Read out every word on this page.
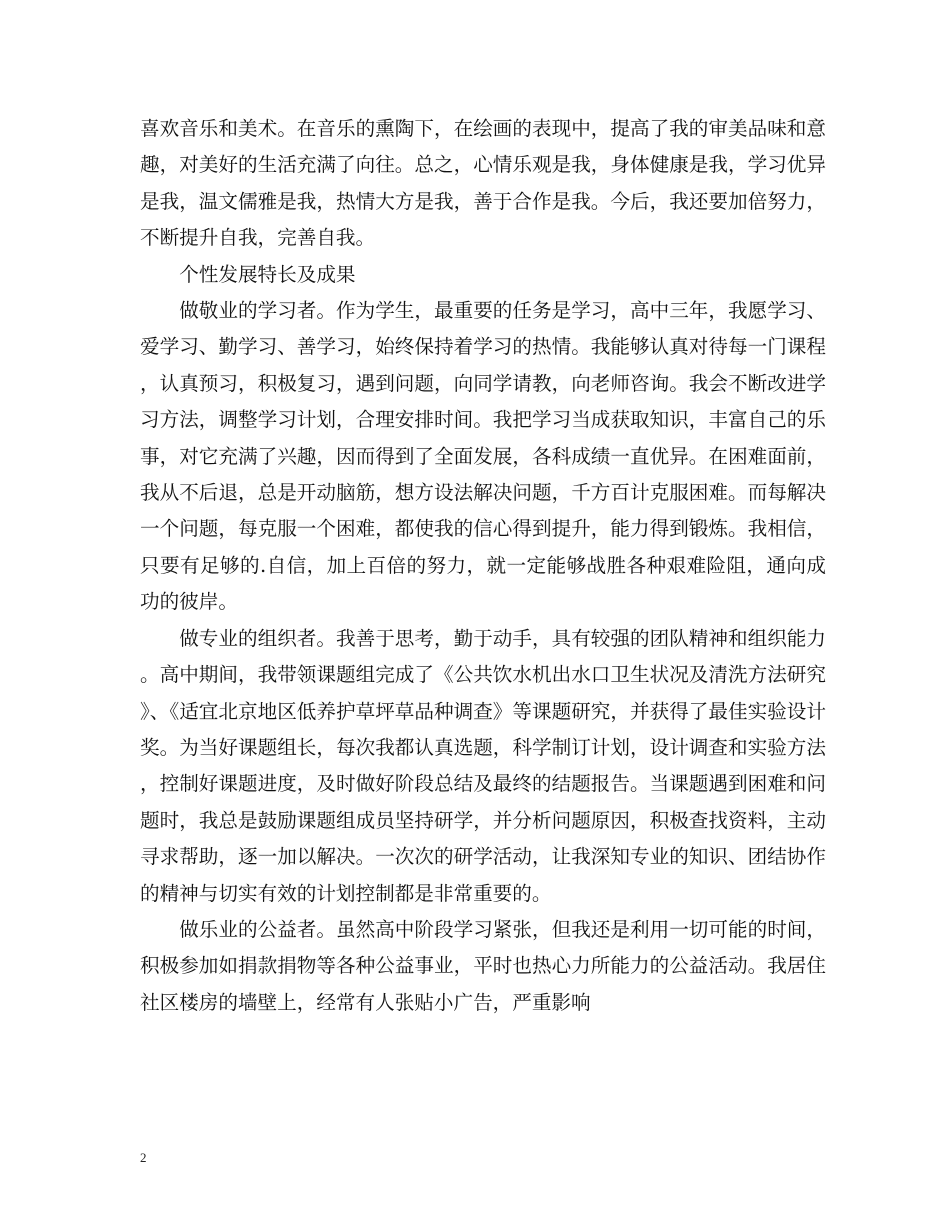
喜欢音乐和美术。在音乐的熏陶下，在绘画的表现中，提高了我的审美品味和意趣，对美好的生活充满了向往。总之，心情乐观是我，身体健康是我，学习优异是我，温文儒雅是我，热情大方是我，善于合作是我。今后，我还要加倍努力，不断提升自我，完善自我。

个性发展特长及成果

做敬业的学习者。作为学生，最重要的任务是学习，高中三年，我愿学习、爱学习、勤学习、善学习，始终保持着学习的热情。我能够认真对待每一门课程，认真预习，积极复习，遇到问题，向同学请教，向老师咨询。我会不断改进学习方法，调整学习计划，合理安排时间。我把学习当成获取知识，丰富自己的乐事，对它充满了兴趣，因而得到了全面发展，各科成绩一直优异。在困难面前，我从不后退，总是开动脑筋，想方设法解决问题，千方百计克服困难。而每解决一个问题，每克服一个困难，都使我的信心得到提升，能力得到锻炼。我相信，只要有足够的.自信，加上百倍的努力，就一定能够战胜各种艰难险阻，通向成功的彼岸。

做专业的组织者。我善于思考，勤于动手，具有较强的团队精神和组织能力。高中期间，我带领课题组完成了《公共饮水机出水口卫生状况及清洗方法研究》、《适宜北京地区低养护草坪草品种调查》等课题研究，并获得了最佳实验设计奖。为当好课题组长，每次我都认真选题，科学制订计划，设计调查和实验方法，控制好课题进度，及时做好阶段总结及最终的结题报告。当课题遇到困难和问题时，我总是鼓励课题组成员坚持研学，并分析问题原因，积极查找资料，主动寻求帮助，逐一加以解决。一次次的研学活动，让我深知专业的知识、团结协作的精神与切实有效的计划控制都是非常重要的。

做乐业的公益者。虽然高中阶段学习紧张，但我还是利用一切可能的时间，积极参加如捐款捐物等各种公益事业，平时也热心力所能力的公益活动。我居住社区楼房的墙壁上，经常有人张贴小广告，严重影响

2
